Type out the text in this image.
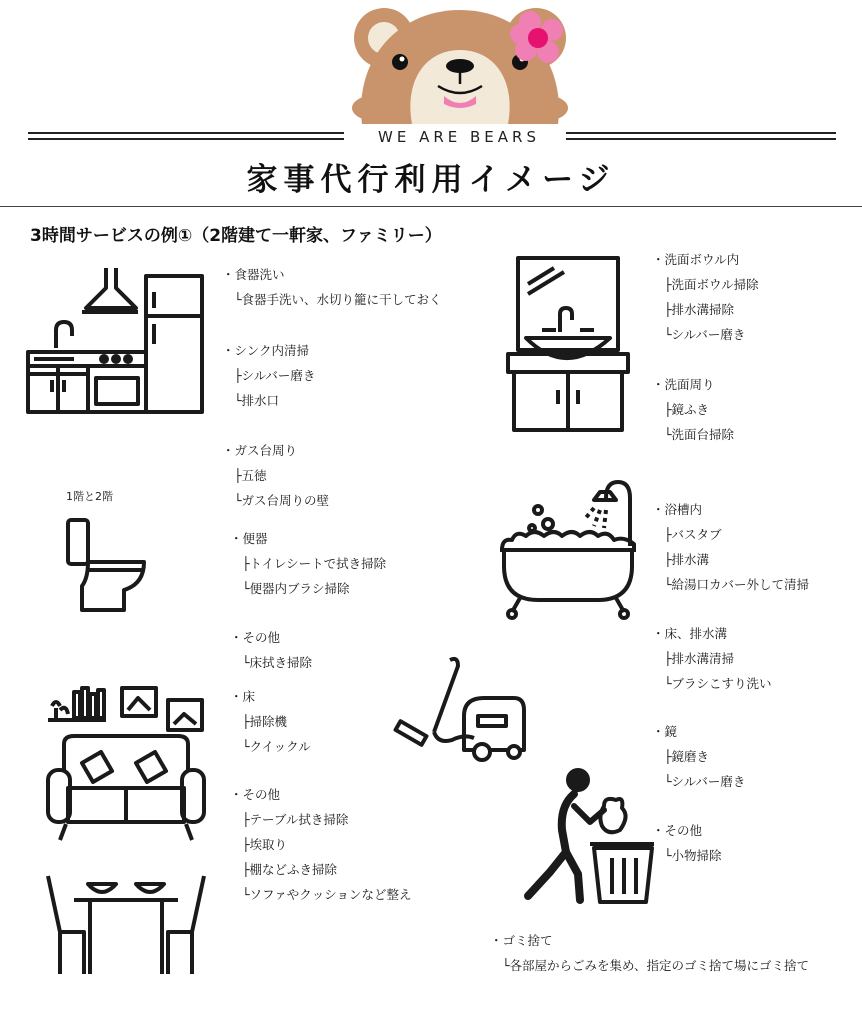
WE ARE BEARS
家事代行利用イメージ
3時間サービスの例①（2階建て一軒家、ファミリー）
・食器洗い
└食器手洗い、水切り籠に干しておく
・シンク内清掃
├シルバー磨き
└排水口
・ガス台周り
├五徳
└ガス台周りの壁
1階と2階
・便器
├トイレシートで拭き掃除
└便器内ブラシ掃除
・その他
└床拭き掃除
・床
├掃除機
└クイックル
・その他
├テーブル拭き掃除
├埃取り
├棚などふき掃除
└ソファやクッションなど整え
・洗面ボウル内
├洗面ボウル掃除
├排水溝掃除
└シルバー磨き
・洗面周り
├鏡ふき
└洗面台掃除
・浴槽内
├バスタブ
├排水溝
└給湯口カバー外して清掃
・床、排水溝
├排水溝清掃
└ブラシこすり洗い
・鏡
├鏡磨き
└シルバー磨き
・その他
└小物掃除
・ゴミ捨て
└各部屋からごみを集め、指定のゴミ捨て場にゴミ捨て
